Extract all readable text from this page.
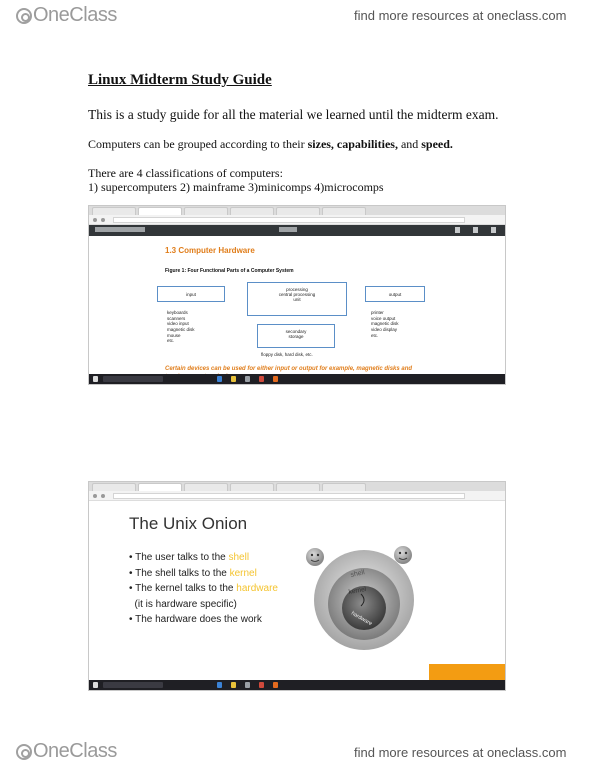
OneClass	find more resources at oneclass.com
Linux Midterm Study Guide
This is a study guide for all the material we learned until the midterm exam.
Computers can be grouped according to their sizes, capabilities, and speed.
There are 4 classifications of computers:
1) supercomputers 2) mainframe 3)minicomps 4)microcomps
1.3 Computer Hardware
Figure 1: Four Functional Parts of a Computer System
input
processing
central processing
unit
output
secondary
storage
keyboards
scanners
video input
magnetic disk
mouse
etc.
printer
voice output
magnetic disk
video display
etc.
floppy disk, hard disk, etc.
Certain devices can be used for either input or output for example, magnetic disks and
The Unix Onion
• The user talks to the shell
• The shell talks to the kernel
• The kernel talks to the hardware
(it is hardware specific)
• The hardware does the work
shell
kernel
hardware
OneClass	find more resources at oneclass.com
